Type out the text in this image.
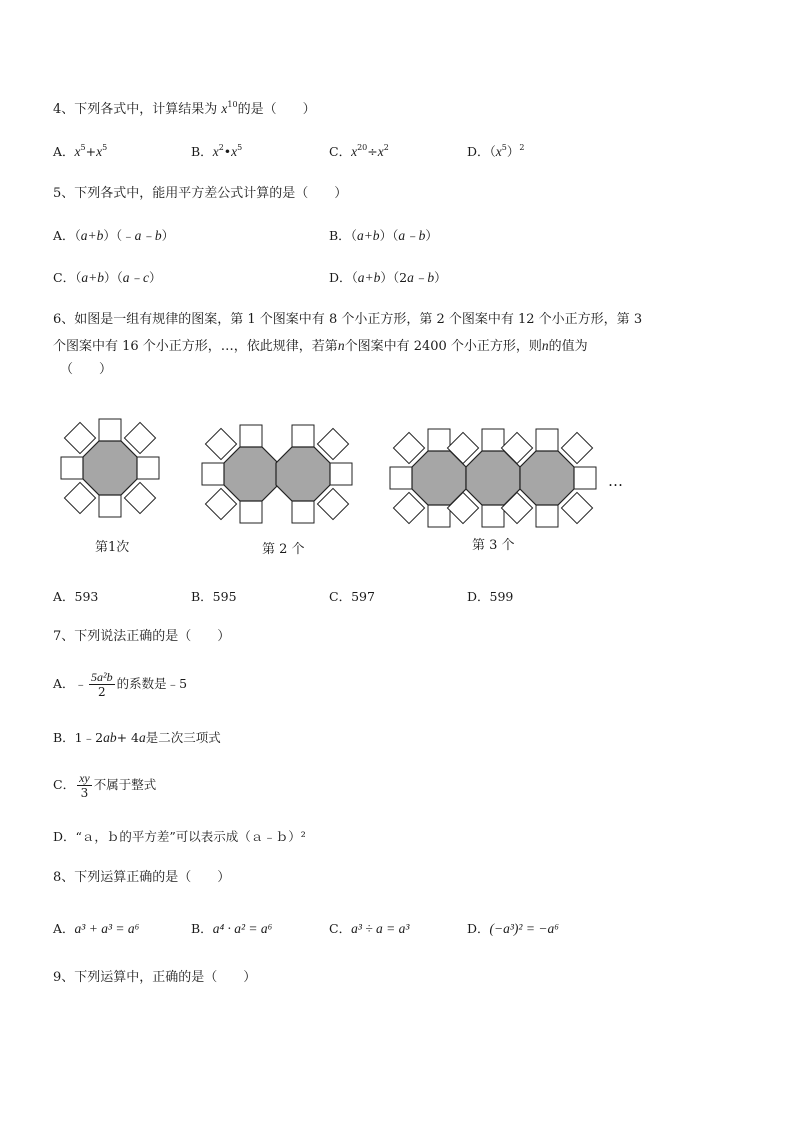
4、下列各式中，计算结果为 $x^{10}$的是（　　）
A．$x^5+x^5$	B．$x^2•x^5$	C．$x^{20}\div x^2$	D．$(x^5)^2$
5、下列各式中，能用平方差公式计算的是（　　）
A．（a+b）（﹣a﹣b）	B．（a+b）（a﹣b）
C．（a+b）（a﹣c）	D．（a+b）（2a﹣b）
6、如图是一组有规律的图案，第 1 个图案中有 8 个小正方形，第 2 个图案中有 12 个小正方形，第 3
个图案中有 16 个小正方形，…，依此规律，若第n个图案中有 2400 个小正方形，则n的值为
（　　）
第1次	第 2 个
…
第 3 个
A．593	B．595	C．597	D．599
7、下列说法正确的是（　　）
A．﹣ $\frac{\text{5a²b}}{2}$ 的系数是﹣5
B．1﹣2ab+ 4a是二次三项式
C． $\frac{xy}{3}$ 不属于整式
D．“ａ，ｂ的平方差”可以表示成（ａ﹣ｂ）²
8、下列运算正确的是（　　）
A．a³ + a³ = a⁶	B．a⁴ · a² = a⁶	C．a³ ÷ a = a³	D．(−a³)² = −a⁶
9、下列运算中，正确的是（　　）
